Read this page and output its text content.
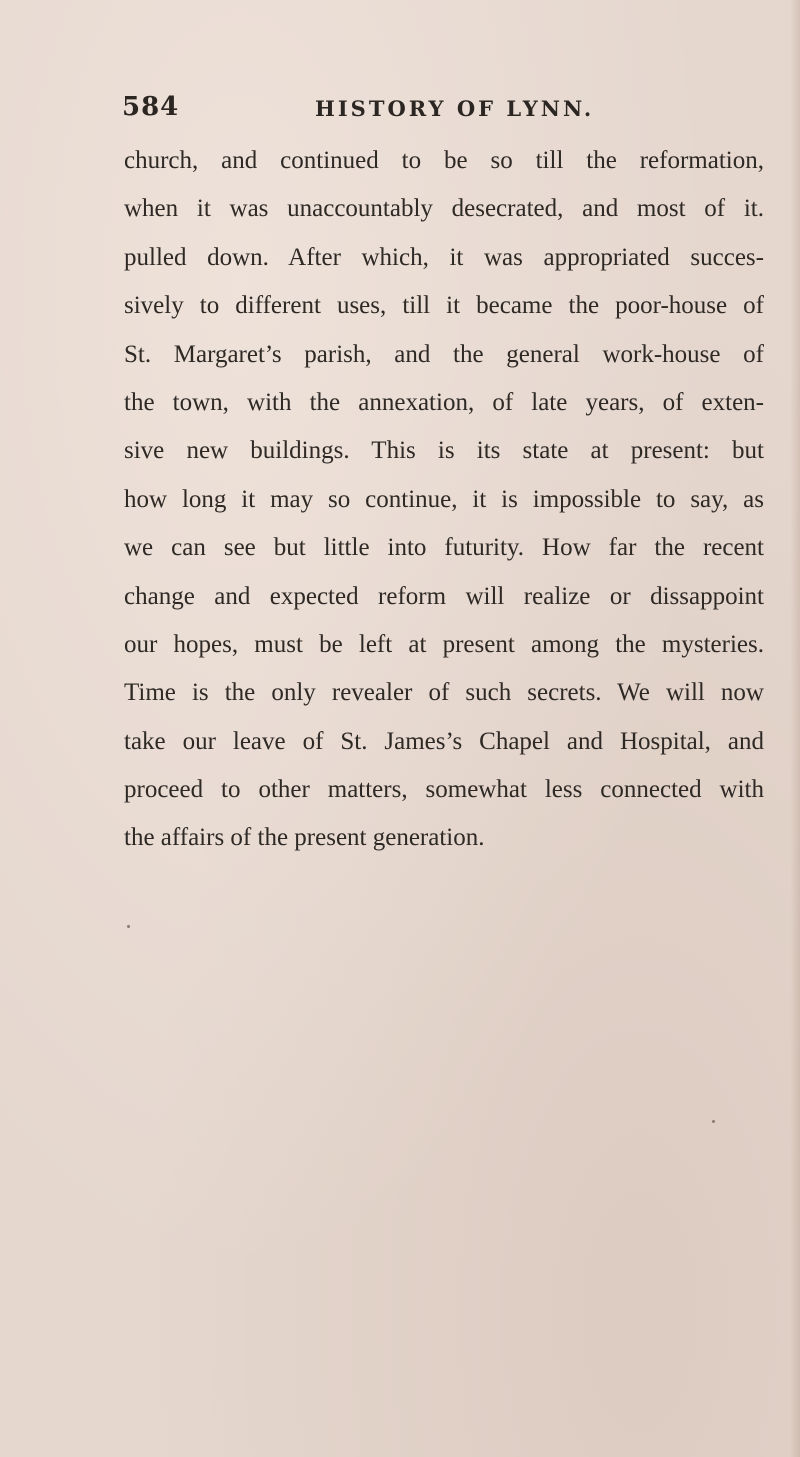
584	HISTORY OF LYNN.
church, and continued to be so till the reformation,
when it was unaccountably desecrated, and most of it.
pulled down. After which, it was appropriated succes-
sively to different uses, till it became the poor-house of
St. Margaret’s parish, and the general work-house of
the town, with the annexation, of late years, of exten-
sive new buildings. This is its state at present: but
how long it may so continue, it is impossible to say, as
we can see but little into futurity. How far the recent
change and expected reform will realize or dissappoint
our hopes, must be left at present among the mysteries.
Time is the only revealer of such secrets. We will now
take our leave of St. James’s Chapel and Hospital, and
proceed to other matters, somewhat less connected with
the affairs of the present generation.
